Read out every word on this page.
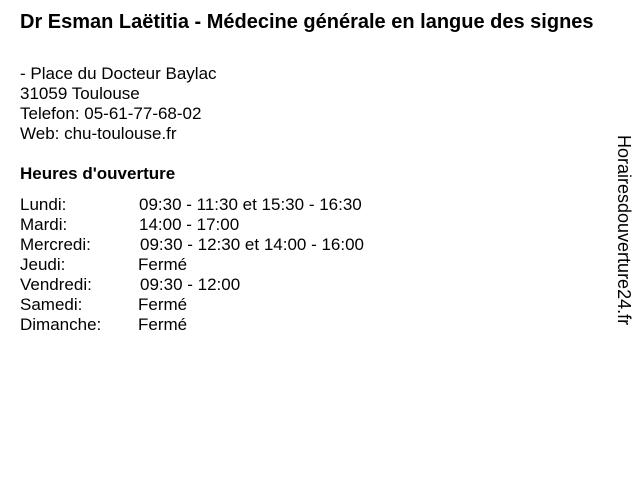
Dr Esman Laëtitia - Médecine générale en langue des signes
- Place du Docteur Baylac
31059 Toulouse
Telefon: 05-61-77-68-02
Web: chu-toulouse.fr
Heures d'ouverture
Lundi:	09:30 - 11:30 et 15:30 - 16:30
Mardi:	14:00 - 17:00
Mercredi:	09:30 - 12:30 et 14:00 - 16:00
Jeudi:	Fermé
Vendredi:	09:30 - 12:00
Samedi:	Fermé
Dimanche: Fermé	Horairesdouverture24.fr
